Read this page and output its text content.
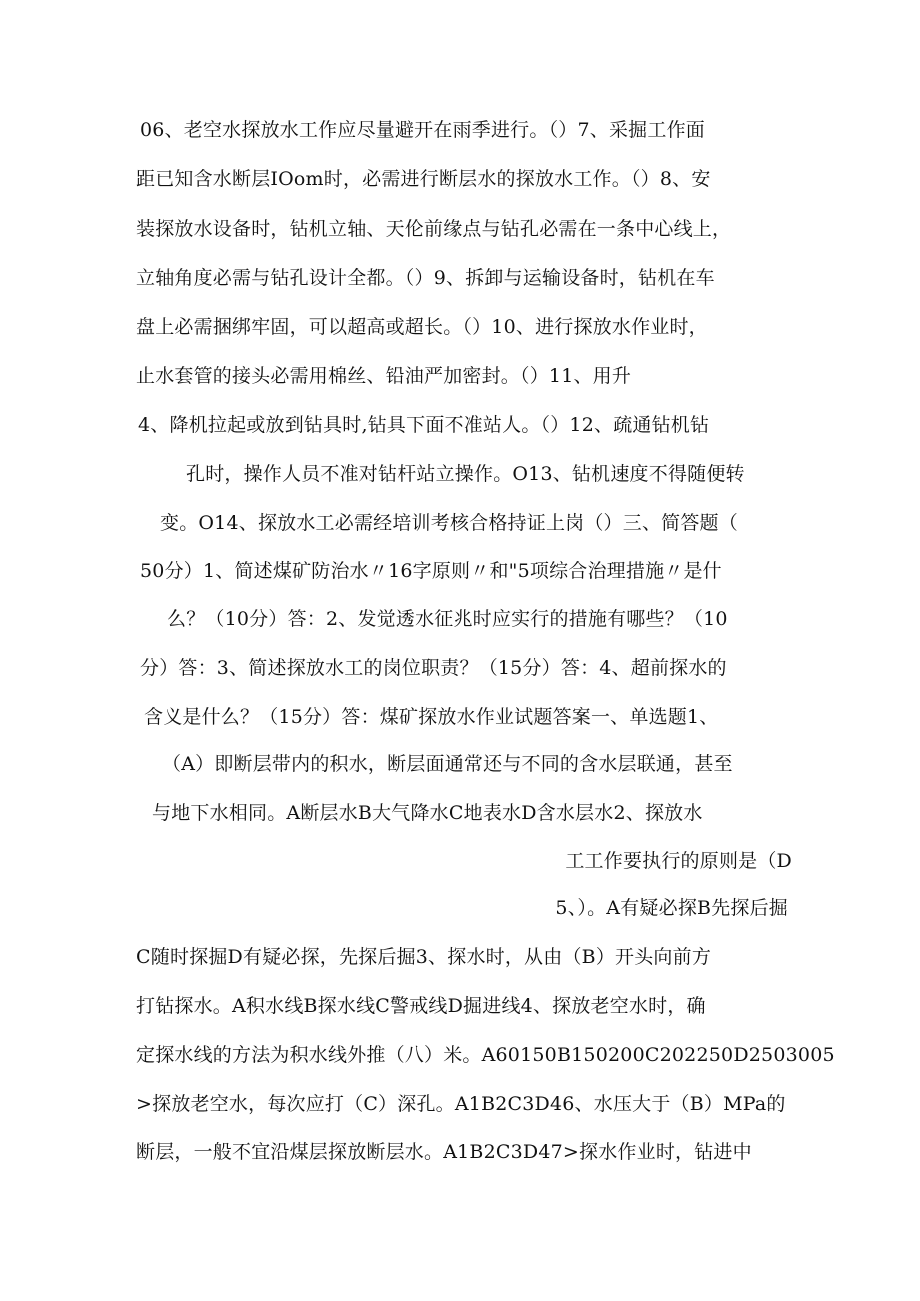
06、老空水探放水工作应尽量避开在雨季进行。（）7、采掘工作面
距已知含水断层IOom时，必需进行断层水的探放水工作。（）8、安
装探放水设备时，钻机立轴、天伦前缘点与钻孔必需在一条中心线上，
立轴角度必需与钻孔设计全都。（）9、拆卸与运输设备时，钻机在车
盘上必需捆绑牢固，可以超高或超长。（）10、进行探放水作业时，
止水套管的接头必需用棉丝、铅油严加密封。（）11、用升
4、降机拉起或放到钻具时,钻具下面不准站人。（）12、疏通钻机钻
孔时，操作人员不准对钻杆站立操作。O13、钻机速度不得随便转
变。O14、探放水工必需经培训考核合格持证上岗（）三、简答题（
50分）1、简述煤矿防治水〃16字原则〃和"5项综合治理措施〃是什
么？（10分）答：2、发觉透水征兆时应实行的措施有哪些？（10
分）答：3、简述探放水工的岗位职责？（15分）答：4、超前探水的
含义是什么？（15分）答：煤矿探放水作业试题答案一、单选题1、
（A）即断层带内的积水，断层面通常还与不同的含水层联通，甚至
与地下水相同。A断层水B大气降水C地表水D含水层水2、探放水
工工作要执行的原则是（D
5、）。A有疑必探B先探后掘
C随时探掘D有疑必探，先探后掘3、探水时，从由（B）开头向前方
打钻探水。A积水线B探水线C警戒线D掘进线4、探放老空水时，确
定探水线的方法为积水线外推（八）米。A60150B150200C202250D2503005
>探放老空水，每次应打（C）深孔。A1B2C3D46、水压大于（B）MPa的
断层，一般不宜沿煤层探放断层水。A1B2C3D47>探水作业时，钻进中
